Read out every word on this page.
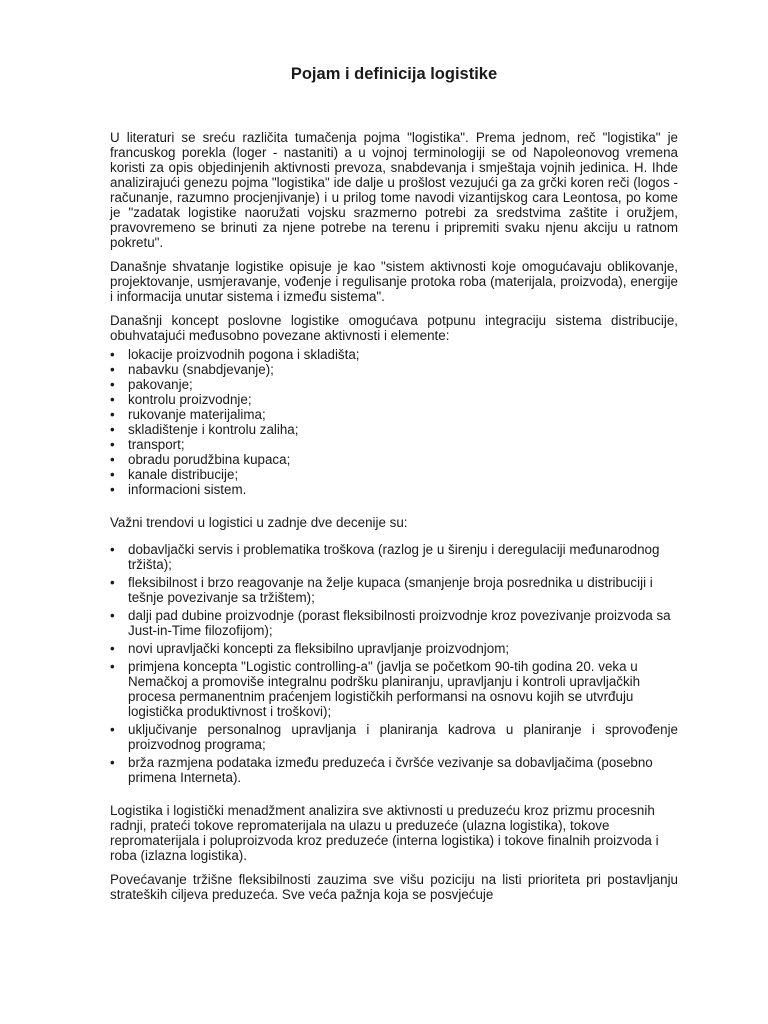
Pojam i definicija logistike

U literaturi se sreću različita tumačenja pojma "logistika". Prema jednom, reč "logistika" je francuskog porekla (loger - nastaniti) a u vojnoj terminologiji se od Napoleonovog vremena koristi za opis objedinjenih aktivnosti prevoza, snabdevanja i smještaja vojnih jedinica. H. Ihde analizirajući genezu pojma "logistika" ide dalje u prošlost vezujući ga za grčki koren reči (logos - računanje, razumno procjenjivanje) i u prilog tome navodi vizantijskog cara Leontosa, po kome je "zadatak logistike naoružati vojsku srazmerno potrebi za sredstvima zaštite i oružjem, pravovremeno se brinuti za njene potrebe na terenu i pripremiti svaku njenu akciju u ratnom pokretu".

Današnje shvatanje logistike opisuje je kao "sistem aktivnosti koje omogućavaju oblikovanje, projektovanje, usmjeravanje, vođenje i regulisanje protoka roba (materijala, proizvoda), energije i informacija unutar sistema i između sistema".

Današnji koncept poslovne logistike omogućava potpunu integraciju sistema distribucije, obuhvatajući međusobno povezane aktivnosti i elemente:

• lokacije proizvodnih pogona i skladišta;
• nabavku (snabdjevanje);
• pakovanje;
• kontrolu proizvodnje;
• rukovanje materijalima;
• skladištenje i kontrolu zaliha;
• transport;
• obradu porudžbina kupaca;
• kanale distribucije;
• informacioni sistem.

Važni trendovi u logistici u zadnje dve decenije su:

• dobavljački servis i problematika troškova (razlog je u širenju i deregulaciji međunarodnog tržišta);
• fleksibilnost i brzo reagovanje na želje kupaca (smanjenje broja posrednika u distribuciji i tešnje povezivanje sa tržištem);
• dalji pad dubine proizvodnje (porast fleksibilnosti proizvodnje kroz povezivanje proizvoda sa Just-in-Time filozofijom);
• novi upravljački koncepti za fleksibilno upravljanje proizvodnjom;
• primjena koncepta "Logistic controlling-a" (javlja se početkom 90-tih godina 20. veka u Nemačkoj a promoviše integralnu podršku planiranju, upravljanju i kontroli upravljačkih procesa permanentnim praćenjem logističkih performansi na osnovu kojih se utvrđuju logistička produktivnost i troškovi);
• uključivanje personalnog upravljanja i planiranja kadrova u planiranje i sprovođenje proizvodnog programa;
• brža razmjena podataka između preduzeća i čvršće vezivanje sa dobavljačima (posebno primena Interneta).

Logistika i logistički menadžment analizira sve aktivnosti u preduzeću kroz prizmu procesnih radnji, prateći tokove repromaterijala na ulazu u preduzeće (ulazna logistika), tokove repromaterijala i poluproizvoda kroz preduzeće (interna logistika) i tokove finalnih proizvoda i roba (izlazna logistika).

Povećavanje tržišne fleksibilnosti zauzima sve višu poziciju na listi prioriteta pri postavljanju strateških ciljeva preduzeća. Sve veća pažnja koja se posvjećuje
